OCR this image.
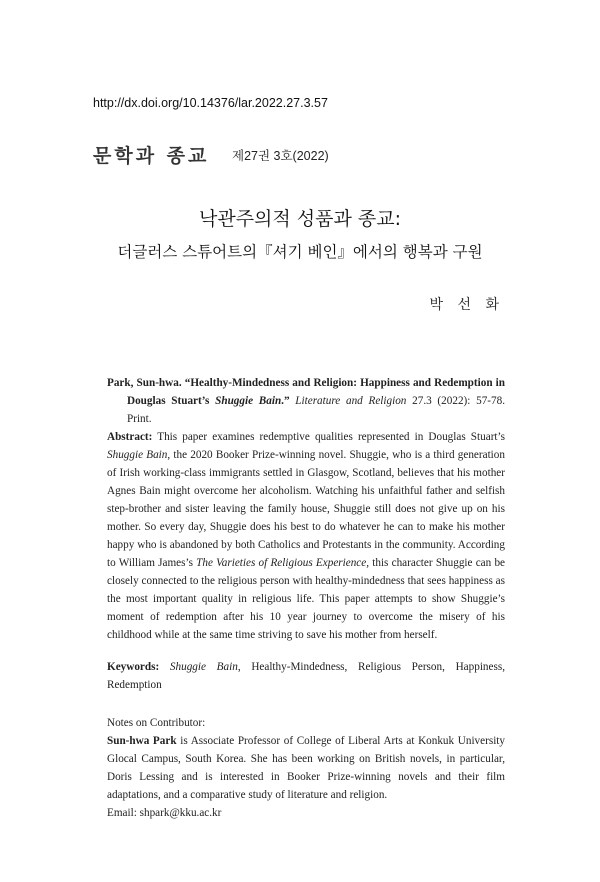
http://dx.doi.org/10.14376/lar.2022.27.3.57
문학과 종교 제27권 3호(2022)
낙관주의적 성품과 종교:
더글러스 스튜어트의『셔기 베인』에서의 행복과 구원
박 선 화

Park, Sun-hwa. “Healthy-Mindedness and Religion: Happiness and Redemption in Douglas Stuart’s Shuggie Bain.” Literature and Religion 27.3 (2022): 57-78. Print.

Abstract: This paper examines redemptive qualities represented in Douglas Stuart’s Shuggie Bain, the 2020 Booker Prize-winning novel. Shuggie, who is a third generation of Irish working-class immigrants settled in Glasgow, Scotland, believes that his mother Agnes Bain might overcome her alcoholism. Watching his unfaithful father and selfish step-brother and sister leaving the family house, Shuggie still does not give up on his mother. So every day, Shuggie does his best to do whatever he can to make his mother happy who is abandoned by both Catholics and Protestants in the community. According to William James’s The Varieties of Religious Experience, this character Shuggie can be closely connected to the religious person with healthy-mindedness that sees happiness as the most important quality in religious life. This paper attempts to show Shuggie’s moment of redemption after his 10 year journey to overcome the misery of his childhood while at the same time striving to save his mother from herself.

Keywords: Shuggie Bain, Healthy-Mindedness, Religious Person, Happiness, Redemption

Notes on Contributor:

Sun-hwa Park is Associate Professor of College of Liberal Arts at Konkuk University Glocal Campus, South Korea. She has been working on British novels, in particular, Doris Lessing and is interested in Booker Prize-winning novels and their film adaptations, and a comparative study of literature and religion.

Email: shpark@kku.ac.kr
